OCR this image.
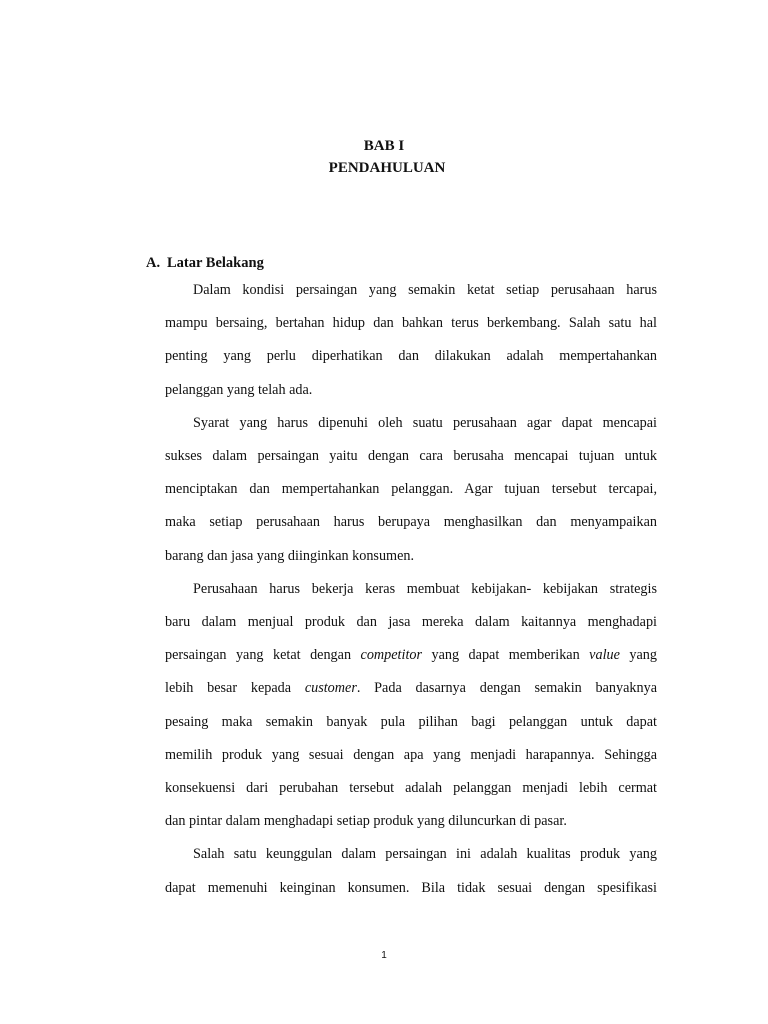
BAB I
PENDAHULUAN
A. Latar Belakang
Dalam kondisi persaingan yang semakin ketat setiap perusahaan harus
mampu bersaing, bertahan hidup dan bahkan terus berkembang. Salah satu hal
penting yang perlu diperhatikan dan dilakukan adalah mempertahankan
pelanggan yang telah ada.
Syarat yang harus dipenuhi oleh suatu perusahaan agar dapat mencapai
sukses dalam persaingan yaitu dengan cara berusaha mencapai tujuan untuk
menciptakan dan mempertahankan pelanggan. Agar tujuan tersebut tercapai,
maka setiap perusahaan harus berupaya menghasilkan dan menyampaikan
barang dan jasa yang diinginkan konsumen.
Perusahaan harus bekerja keras membuat kebijakan- kebijakan strategis
baru dalam menjual produk dan jasa mereka dalam kaitannya menghadapi
persaingan yang ketat dengan competitor yang dapat memberikan value yang
lebih besar kepada customer. Pada dasarnya dengan semakin banyaknya
pesaing maka semakin banyak pula pilihan bagi pelanggan untuk dapat
memilih produk yang sesuai dengan apa yang menjadi harapannya. Sehingga
konsekuensi dari perubahan tersebut adalah pelanggan menjadi lebih cermat
dan pintar dalam menghadapi setiap produk yang diluncurkan di pasar.
Salah satu keunggulan dalam persaingan ini adalah kualitas produk yang
dapat memenuhi keinginan konsumen. Bila tidak sesuai dengan spesifikasi
1
